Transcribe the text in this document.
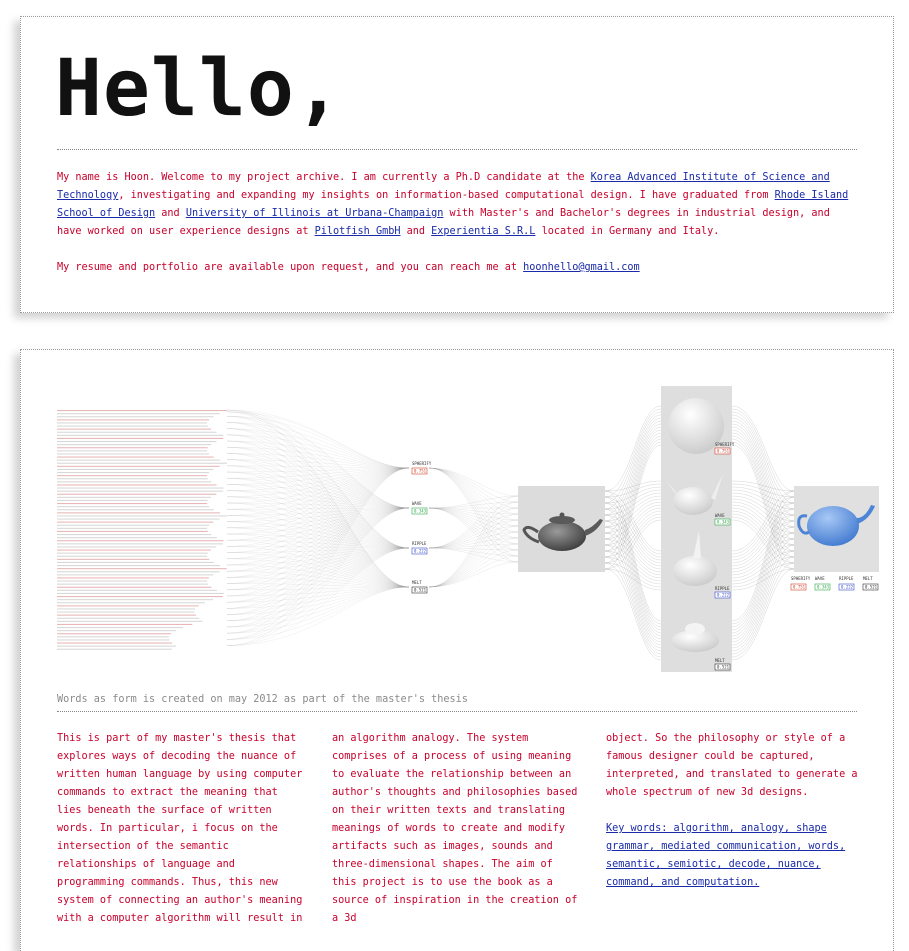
Hello,

My name is Hoon. Welcome to my project archive. I am currently a Ph.D candidate at the Korea Advanced Institute of Science and Technology, investigating and expanding my insights on information-based computational design. I have graduated from Rhode Island School of Design and University of Illinois at Urbana-Champaign with Master's and Bachelor's degrees in industrial design, and have worked on user experience designs at Pilotfish GmbH and Experientia S.R.L located in Germany and Italy.

My resume and portfolio are available upon request, and you can reach me at hoonhello@gmail.com

SPHERIFY
0.751
WAVE
0.343
RIPPLE
0.222
MELT
0.521
SPHERIFY
0.751
WAVE
0.343
RIPPLE
0.222
MELT
0.521
SPHERIFY
0.751
WAVE
0.343
RIPPLE
0.222
MELT
0.521

Words as form is created on may 2012 as part of the master's thesis

This is part of my master's thesis that explores ways of decoding the nuance of written human language by using computer commands to extract the meaning that lies beneath the surface of written words. In particular, i focus on the intersection of the semantic relationships of language and programming commands. Thus, this new system of connecting an author's meaning with a computer algorithm will result in

an algorithm analogy. The system comprises of a process of using meaning to evaluate the relationship between an author's thoughts and philosophies based on their written texts and translating meanings of words to create and modify artifacts such as images, sounds and three-dimensional shapes. The aim of this project is to use the book as a source of inspiration in the creation of a 3d

object. So the philosophy or style of a famous designer could be captured, interpreted, and translated to generate a whole spectrum of new 3d designs.

Key words: algorithm, analogy, shape grammar, mediated communication, words, semantic, semiotic, decode, nuance, command, and computation.
